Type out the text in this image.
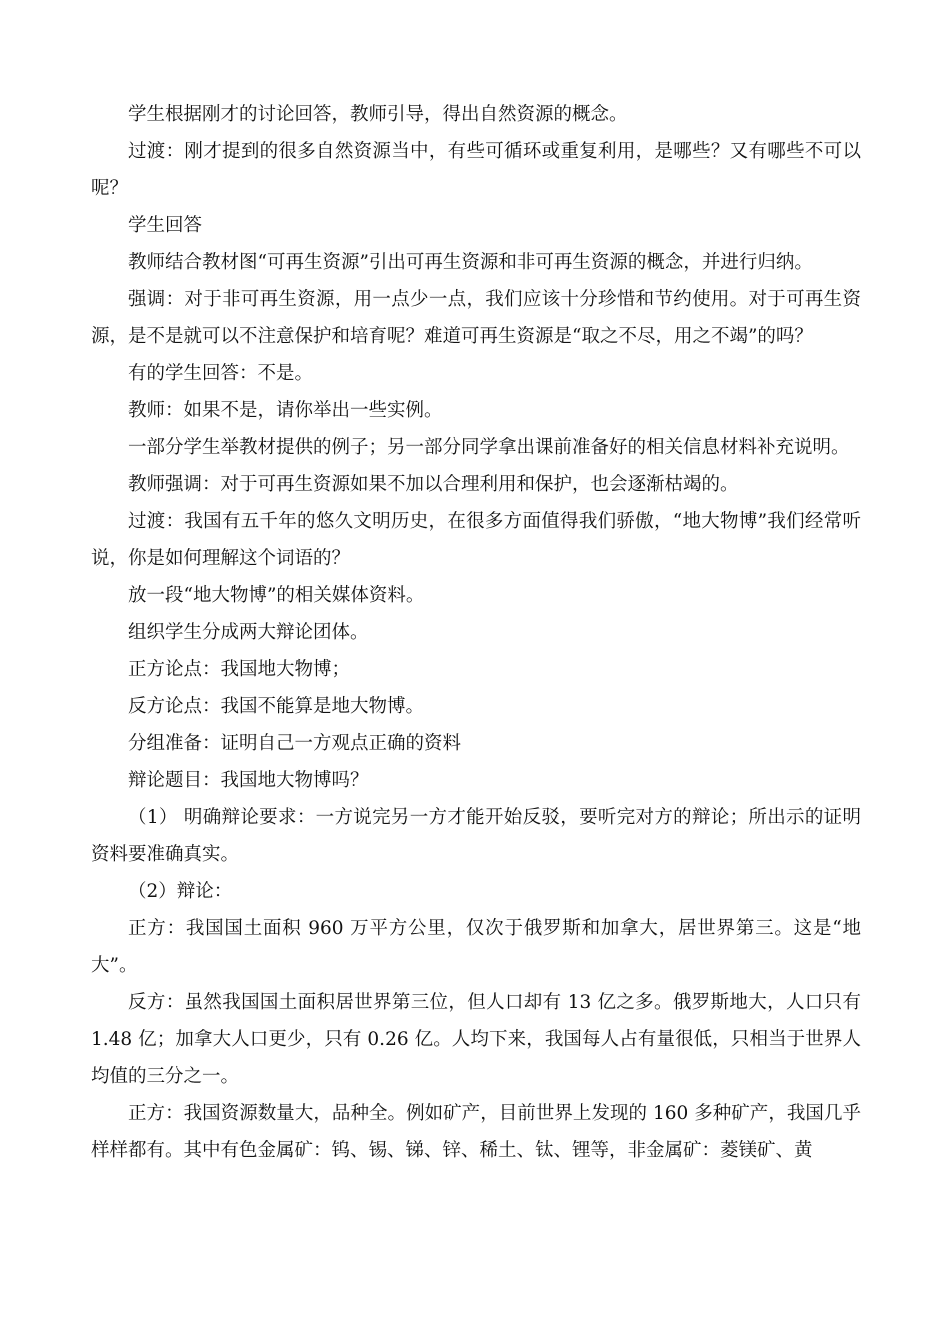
学生根据刚才的讨论回答，教师引导，得出自然资源的概念。

过渡：刚才提到的很多自然资源当中，有些可循环或重复利用，是哪些？又有哪些不可以呢？

学生回答

教师结合教材图“可再生资源”引出可再生资源和非可再生资源的概念，并进行归纳。

强调：对于非可再生资源，用一点少一点，我们应该十分珍惜和节约使用。对于可再生资源，是不是就可以不注意保护和培育呢？难道可再生资源是“取之不尽，用之不竭”的吗？

有的学生回答：不是。

教师：如果不是，请你举出一些实例。

一部分学生举教材提供的例子；另一部分同学拿出课前准备好的相关信息材料补充说明。

教师强调：对于可再生资源如果不加以合理利用和保护，也会逐渐枯竭的。

过渡：我国有五千年的悠久文明历史，在很多方面值得我们骄傲，“地大物博”我们经常听说，你是如何理解这个词语的？

放一段“地大物博”的相关媒体资料。

组织学生分成两大辩论团体。

正方论点：我国地大物博；

反方论点：我国不能算是地大物博。

分组准备：证明自己一方观点正确的资料

辩论题目：我国地大物博吗？

（1） 明确辩论要求：一方说完另一方才能开始反驳，要听完对方的辩论；所出示的证明资料要准确真实。

（2）辩论：

正方：我国国土面积 960 万平方公里，仅次于俄罗斯和加拿大，居世界第三。这是“地大”。

反方：虽然我国国土面积居世界第三位，但人口却有 13 亿之多。俄罗斯地大，人口只有 1.48 亿；加拿大人口更少，只有 0.26 亿。人均下来，我国每人占有量很低，只相当于世界人均值的三分之一。

正方：我国资源数量大，品种全。例如矿产，目前世界上发现的 160 多种矿产，我国几乎样样都有。其中有色金属矿：钨、锡、锑、锌、稀土、钛、锂等，非金属矿：菱镁矿、黄
